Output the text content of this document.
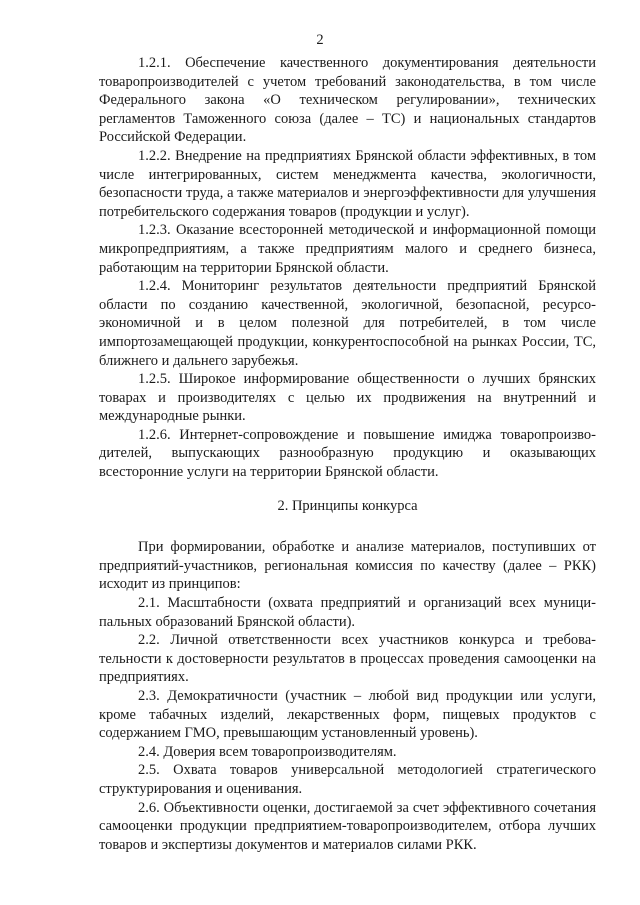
2

1.2.1. Обеспечение качественного документирования деятельности товаропроизводителей с учетом требований законодательства, в том числе Федерального закона «О техническом регулировании», технических регламентов Таможенного союза (далее – ТС) и национальных стандартов Российской Федерации.

1.2.2. Внедрение на предприятиях Брянской области эффективных, в том числе интегрированных, систем менеджмента качества, экологичности, безопасности труда, а также материалов и энергоэффективности для улучшения потребительского содержания товаров (продукции и услуг).

1.2.3. Оказание всесторонней методической и информационной помощи микропредприятиям, а также предприятиям малого и среднего бизнеса, работающим на территории Брянской области.

1.2.4. Мониторинг результатов деятельности предприятий Брянской области по созданию качественной, экологичной, безопасной, ресурсо-экономичной и в целом полезной для потребителей, в том числе импортозамещающей продукции, конкурентоспособной на рынках России, ТС, ближнего и дальнего зарубежья.

1.2.5. Широкое информирование общественности о лучших брянских товарах и производителях с целью их продвижения на внутренний и международные рынки.

1.2.6. Интернет-сопровождение и повышение имиджа товаропроизво-дителей, выпускающих разнообразную продукцию и оказывающих всесторонние услуги на территории Брянской области.

2. Принципы конкурса

При формировании, обработке и анализе материалов, поступивших от предприятий-участников, региональная комиссия по качеству (далее – РКК) исходит из принципов:

2.1. Масштабности (охвата предприятий и организаций всех муници-пальных образований Брянской области).

2.2. Личной ответственности всех участников конкурса и требова-тельности к достоверности результатов в процессах проведения самооценки на предприятиях.

2.3. Демократичности (участник – любой вид продукции или услуги, кроме табачных изделий, лекарственных форм, пищевых продуктов с содержанием ГМО, превышающим установленный уровень).

2.4. Доверия всем товаропроизводителям.

2.5. Охвата товаров универсальной методологией стратегического структурирования и оценивания.

2.6. Объективности оценки, достигаемой за счет эффективного сочетания самооценки продукции предприятием-товаропроизводителем, отбора лучших товаров и экспертизы документов и материалов силами РКК.
